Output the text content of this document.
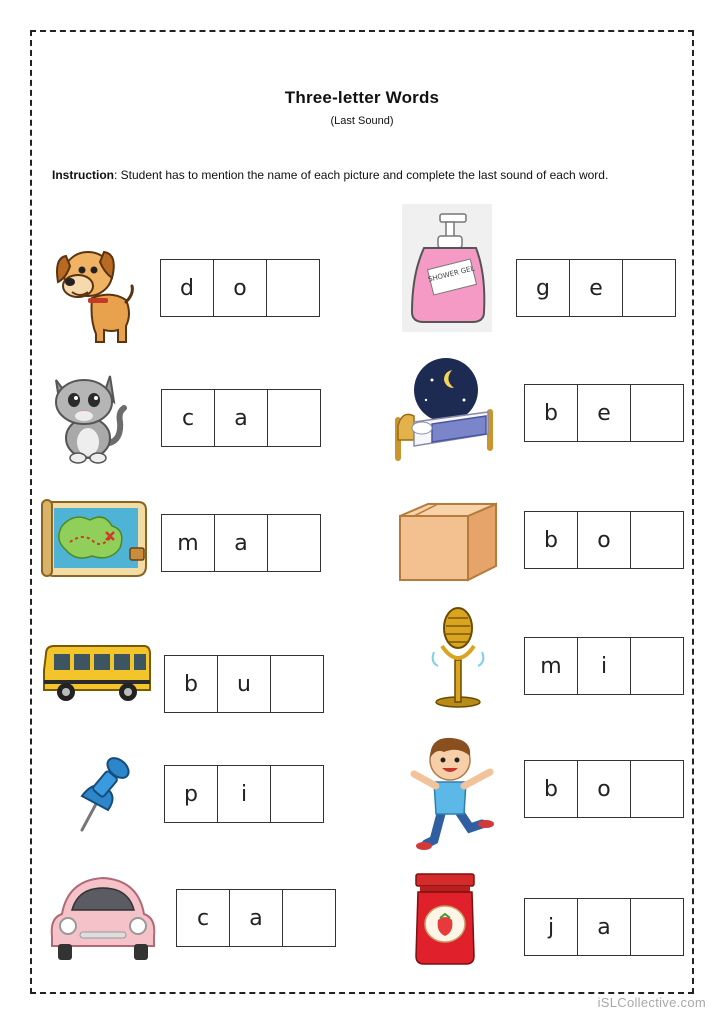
Three-letter Words
(Last Sound)
Instruction: Student has to mention the name of each picture and complete the last sound of each word.
SHOWER GEL
d	o
c	a
m	a
b	u
p	i
c	a
g	e
b	e
b	o
m	i
b	o
j	a
iSLCollective.com
